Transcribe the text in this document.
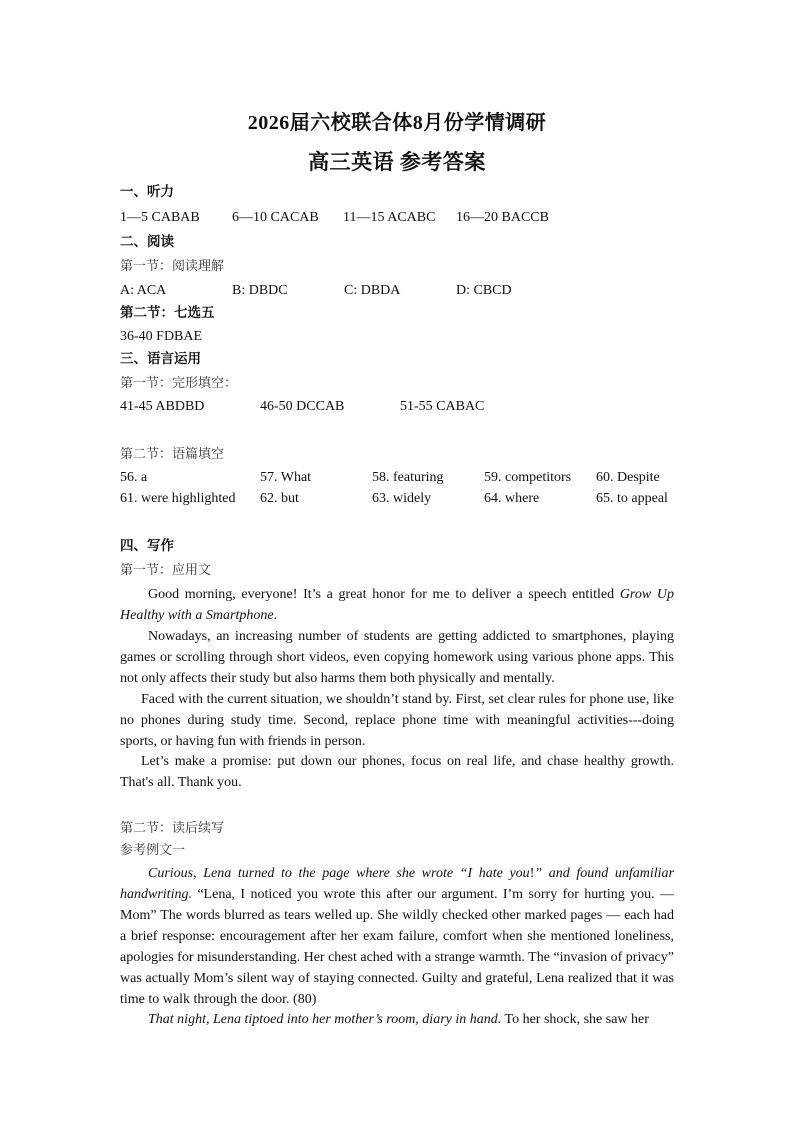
2026届六校联合体8月份学情调研
高三英语 参考答案
一、听力
1—5 CABAB 6—10 CACAB 11—15 ACABC 16—20 BACCB
二、阅读
第一节：阅读理解
A: ACA	B: DBDC	C: DBDA	D: CBCD
第二节：七选五
36-40 FDBAE
三、语言运用
第一节：完形填空：
41-45 ABDBD	46-50 DCCAB	51-55 CABAC
第二节：语篇填空
56. a	57. What	58. featuring	59. competitors 60. Despite
61. were highlighted 62. but	63. widely	64. where	65. to appeal
四、写作
第一节：应用文
Good morning, everyone! It’s a great honor for me to deliver a speech entitled Grow Up Healthy with a Smartphone.
Nowadays, an increasing number of students are getting addicted to smartphones, playing games or scrolling through short videos, even copying homework using various phone apps. This not only affects their study but also harms them both physically and mentally.
Faced with the current situation, we shouldn’t stand by. First, set clear rules for phone use, like no phones during study time. Second, replace phone time with meaningful activities---doing sports, or having fun with friends in person.
Let’s make a promise: put down our phones, focus on real life, and chase healthy growth. That's all. Thank you.
第二节：读后续写
参考例文一
Curious, Lena turned to the page where she wrote “I hate you!” and found unfamiliar handwriting. “Lena, I noticed you wrote this after our argument. I’m sorry for hurting you. —Mom” The words blurred as tears welled up. She wildly checked other marked pages — each had a brief response: encouragement after her exam failure, comfort when she mentioned loneliness, apologies for misunderstanding. Her chest ached with a strange warmth. The “invasion of privacy” was actually Mom’s silent way of staying connected. Guilty and grateful, Lena realized that it was time to walk through the door. (80)
That night, Lena tiptoed into her mother’s room, diary in hand. To her shock, she saw her
